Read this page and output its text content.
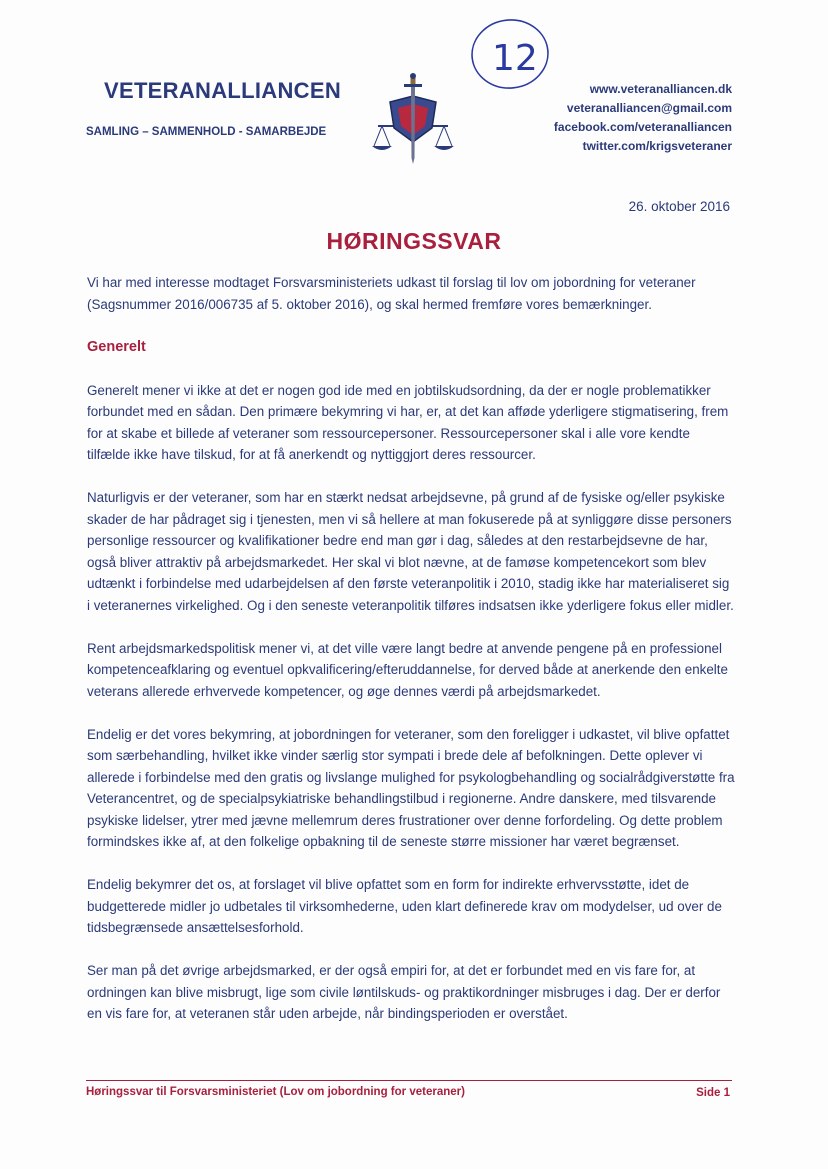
VETERANALLIANCEN
SAMLING – SAMMENHOLD - SAMARBEJDE
www.veteranalliancen.dk
veteranalliancen@gmail.com
facebook.com/veteranalliancen
twitter.com/krigsveteraner
12
26. oktober 2016
HØRINGSSVAR

Vi har med interesse modtaget Forsvarsministeriets udkast til forslag til lov om jobordning for veteraner (Sagsnummer 2016/006735 af 5. oktober 2016), og skal hermed fremføre vores bemærkninger.

Generelt

Generelt mener vi ikke at det er nogen god ide med en jobtilskudsordning, da der er nogle problematikker forbundet med en sådan. Den primære bekymring vi har, er, at det kan afføde yderligere stigmatisering, frem for at skabe et billede af veteraner som ressourcepersoner. Ressourcepersoner skal i alle vore kendte tilfælde ikke have tilskud, for at få anerkendt og nyttiggjort deres ressourcer.

Naturligvis er der veteraner, som har en stærkt nedsat arbejdsevne, på grund af de fysiske og/eller psykiske skader de har pådraget sig i tjenesten, men vi så hellere at man fokuserede på at synliggøre disse personers personlige ressourcer og kvalifikationer bedre end man gør i dag, således at den restarbejdsevne de har, også bliver attraktiv på arbejdsmarkedet. Her skal vi blot nævne, at de famøse kompetencekort som blev udtænkt i forbindelse med udarbejdelsen af den første veteranpolitik i 2010, stadig ikke har materialiseret sig i veteranernes virkelighed. Og i den seneste veteranpolitik tilføres indsatsen ikke yderligere fokus eller midler.

Rent arbejdsmarkedspolitisk mener vi, at det ville være langt bedre at anvende pengene på en professionel kompetenceafklaring og eventuel opkvalificering/efteruddannelse, for derved både at anerkende den enkelte veterans allerede erhvervede kompetencer, og øge dennes værdi på arbejdsmarkedet.

Endelig er det vores bekymring, at jobordningen for veteraner, som den foreligger i udkastet, vil blive opfattet som særbehandling, hvilket ikke vinder særlig stor sympati i brede dele af befolkningen. Dette oplever vi allerede i forbindelse med den gratis og livslange mulighed for psykologbehandling og socialrådgiverstøtte fra Veterancentret, og de specialpsykiatriske behandlingstilbud i regionerne. Andre danskere, med tilsvarende psykiske lidelser, ytrer med jævne mellemrum deres frustrationer over denne forfordeling. Og dette problem formindskes ikke af, at den folkelige opbakning til de seneste større missioner har været begrænset.

Endelig bekymrer det os, at forslaget vil blive opfattet som en form for indirekte erhvervsstøtte, idet de budgetterede midler jo udbetales til virksomhederne, uden klart definerede krav om modydelser, ud over de tidsbegrænsede ansættelsesforhold.

Ser man på det øvrige arbejdsmarked, er der også empiri for, at det er forbundet med en vis fare for, at ordningen kan blive misbrugt, lige som civile løntilskuds- og praktikordninger misbruges i dag. Der er derfor en vis fare for, at veteranen står uden arbejde, når bindingsperioden er overstået.

Høringssvar til Forsvarsministeriet (Lov om jobordning for veteraner)	Side 1
